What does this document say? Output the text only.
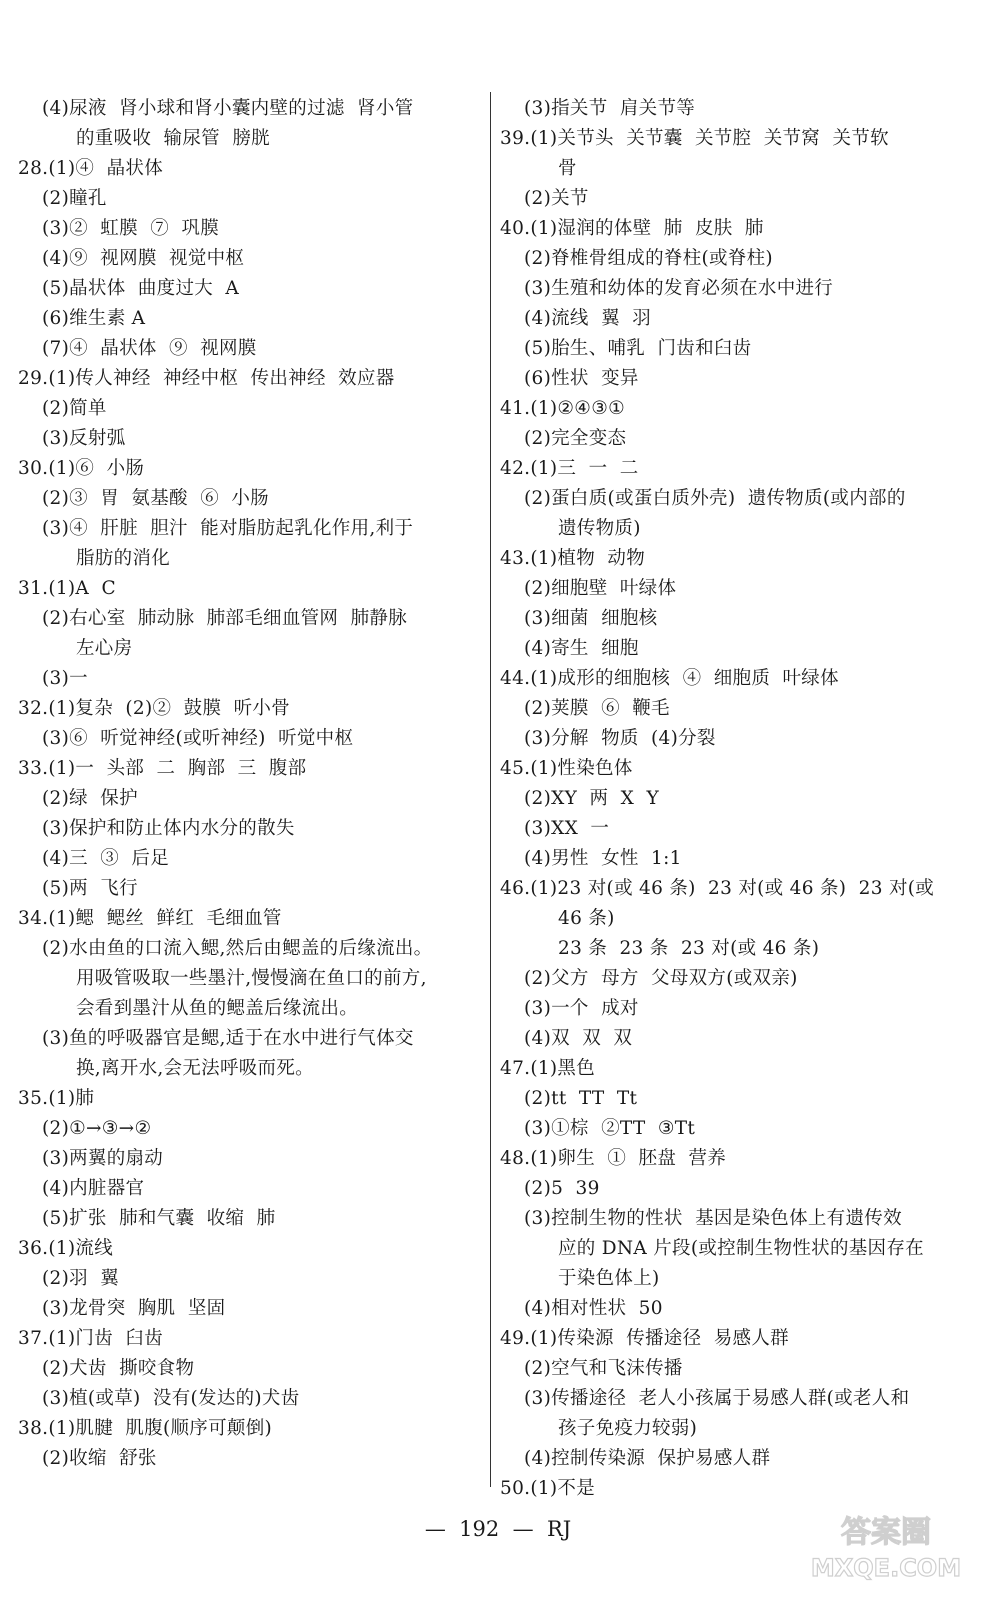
(4)尿液  肾小球和肾小囊内壁的过滤  肾小管
的重吸收  输尿管  膀胱
28.(1)④  晶状体
(2)瞳孔
(3)②  虹膜  ⑦  巩膜
(4)⑨  视网膜  视觉中枢
(5)晶状体  曲度过大  A
(6)维生素 A
(7)④  晶状体  ⑨  视网膜
29.(1)传人神经  神经中枢  传出神经  效应器
(2)简单
(3)反射弧
30.(1)⑥  小肠
(2)③  胃  氨基酸  ⑥  小肠
(3)④  肝脏  胆汁  能对脂肪起乳化作用,利于
脂肪的消化
31.(1)A  C
(2)右心室  肺动脉  肺部毛细血管网  肺静脉
左心房
(3)一
32.(1)复杂  (2)②  鼓膜  听小骨
(3)⑥  听觉神经(或听神经)  听觉中枢
33.(1)一  头部  二  胸部  三  腹部
(2)绿  保护
(3)保护和防止体内水分的散失
(4)三  ③  后足
(5)两  飞行
34.(1)鳃  鳃丝  鲜红  毛细血管
(2)水由鱼的口流入鳃,然后由鳃盖的后缘流出。
用吸管吸取一些墨汁,慢慢滴在鱼口的前方,
会看到墨汁从鱼的鳃盖后缘流出。
(3)鱼的呼吸器官是鳃,适于在水中进行气体交
换,离开水,会无法呼吸而死。
35.(1)肺
(2)①→③→②
(3)两翼的扇动
(4)内脏器官
(5)扩张  肺和气囊  收缩  肺
36.(1)流线
(2)羽  翼
(3)龙骨突  胸肌  坚固
37.(1)门齿  臼齿
(2)犬齿  撕咬食物
(3)植(或草)  没有(发达的)犬齿
38.(1)肌腱  肌腹(顺序可颠倒)
(2)收缩  舒张
(3)指关节  肩关节等
39.(1)关节头  关节囊  关节腔  关节窝  关节软
骨
(2)关节
40.(1)湿润的体壁  肺  皮肤  肺
(2)脊椎骨组成的脊柱(或脊柱)
(3)生殖和幼体的发育必须在水中进行
(4)流线  翼  羽
(5)胎生、哺乳  门齿和臼齿
(6)性状  变异
41.(1)②④③①
(2)完全变态
42.(1)三  一  二
(2)蛋白质(或蛋白质外壳)  遗传物质(或内部的
遗传物质)
43.(1)植物  动物
(2)细胞壁  叶绿体
(3)细菌  细胞核
(4)寄生  细胞
44.(1)成形的细胞核  ④  细胞质  叶绿体
(2)荚膜  ⑥  鞭毛
(3)分解  物质  (4)分裂
45.(1)性染色体
(2)XY  两  X  Y
(3)XX  一
(4)男性  女性  1:1
46.(1)23 对(或 46 条)  23 对(或 46 条)  23 对(或
46 条)
23 条  23 条  23 对(或 46 条)
(2)父方  母方  父母双方(或双亲)
(3)一个  成对
(4)双  双  双
47.(1)黑色
(2)tt  TT  Tt
(3)①棕  ②TT  ③Tt
48.(1)卵生  ①  胚盘  营养
(2)5  39
(3)控制生物的性状  基因是染色体上有遗传效
应的 DNA 片段(或控制生物性状的基因存在
于染色体上)
(4)相对性状  50
49.(1)传染源  传播途径  易感人群
(2)空气和飞沫传播
(3)传播途径  老人小孩属于易感人群(或老人和
孩子免疫力较弱)
(4)控制传染源  保护易感人群
50.(1)不是
—  192  —  RJ	答案圈
MXQE.COM
